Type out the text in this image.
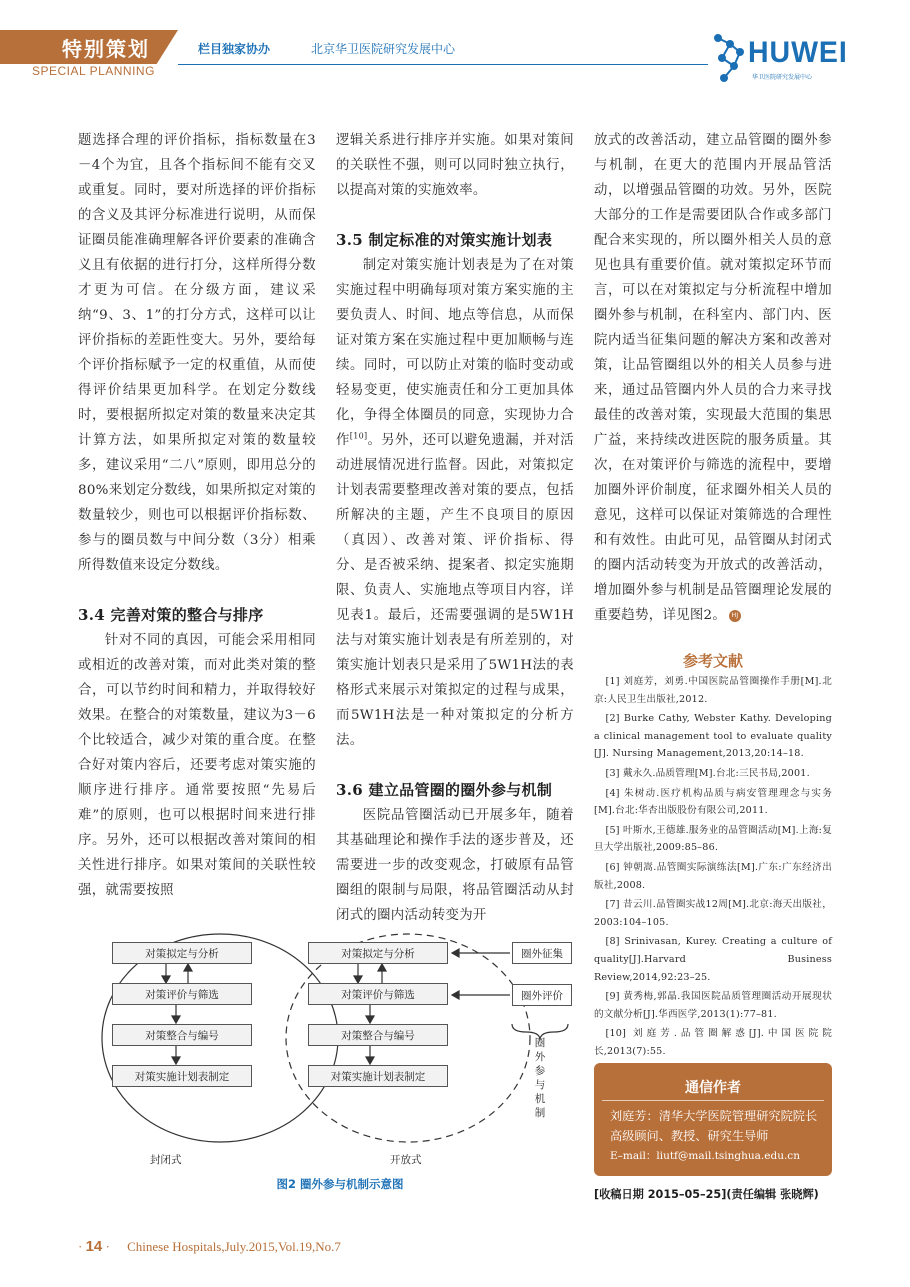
特别策划
SPECIAL PLANNING
栏目独家协办	北京华卫医院研究发展中心	HUWEI
华卫医院研究发展中心

题选择合理的评价指标，指标数量在3－4个为宜，且各个指标间不能有交叉或重复。同时，要对所选择的评价指标的含义及其评分标准进行说明，从而保证圈员能准确理解各评价要素的准确含义且有依据的进行打分，这样所得分数才更为可信。在分级方面，建议采纳“9、3、1”的打分方式，这样可以让评价指标的差距性变大。另外，要给每个评价指标赋予一定的权重值，从而使得评价结果更加科学。在划定分数线时，要根据所拟定对策的数量来决定其计算方法，如果所拟定对策的数量较多，建议采用“二八”原则，即用总分的80%来划定分数线，如果所拟定对策的数量较少，则也可以根据评价指标数、参与的圈员数与中间分数（3分）相乘所得数值来设定分数线。

3.4 完善对策的整合与排序

针对不同的真因，可能会采用相同或相近的改善对策，而对此类对策的整合，可以节约时间和精力，并取得较好效果。在整合的对策数量，建议为3－6个比较适合，减少对策的重合度。在整合好对策内容后，还要考虑对策实施的顺序进行排序。通常要按照“先易后难”的原则，也可以根据时间来进行排序。另外，还可以根据改善对策间的相关性进行排序。如果对策间的关联性较强，就需要按照

逻辑关系进行排序并实施。如果对策间的关联性不强，则可以同时独立执行，以提高对策的实施效率。

3.5 制定标准的对策实施计划表

制定对策实施计划表是为了在对策实施过程中明确每项对策方案实施的主要负责人、时间、地点等信息，从而保证对策方案在实施过程中更加顺畅与连续。同时，可以防止对策的临时变动或轻易变更，使实施责任和分工更加具体化，争得全体圈员的同意，实现协力合作[10]。另外，还可以避免遗漏，并对活动进展情况进行监督。因此，对策拟定计划表需要整理改善对策的要点，包括所解决的主题，产生不良项目的原因（真因）、改善对策、评价指标、得分、是否被采纳、提案者、拟定实施期限、负责人、实施地点等项目内容，详见表1。最后，还需要强调的是5W1H法与对策实施计划表是有所差别的，对策实施计划表只是采用了5W1H法的表格形式来展示对策拟定的过程与成果，而5W1H法是一种对策拟定的分析方法。

3.6 建立品管圈的圈外参与机制

医院品管圈活动已开展多年，随着其基础理论和操作手法的逐步普及，还需要进一步的改变观念，打破原有品管圈组的限制与局限，将品管圈活动从封闭式的圈内活动转变为开

放式的改善活动，建立品管圈的圈外参与机制，在更大的范围内开展品管活动，以增强品管圈的功效。另外，医院大部分的工作是需要团队合作或多部门配合来实现的，所以圈外相关人员的意见也具有重要价值。就对策拟定环节而言，可以在对策拟定与分析流程中增加圈外参与机制，在科室内、部门内、医院内适当征集问题的解决方案和改善对策，让品管圈组以外的相关人员参与进来，通过品管圈内外人员的合力来寻找最佳的改善对策，实现最大范围的集思广益，来持续改进医院的服务质量。其次，在对策评价与筛选的流程中，要增加圈外评价制度，征求圈外相关人员的意见，这样可以保证对策筛选的合理性和有效性。由此可见，品管圈从封闭式的圈内活动转变为开放式的改善活动，增加圈外参与机制是品管圈理论发展的重要趋势，详见图2。 HJ

参考文献
[1] 刘庭芳，刘勇.中国医院品管圈操作手册[M].北京:人民卫生出版社,2012.
[2] Burke Cathy, Webster Kathy. Developing a clinical management tool to evaluate quality [J]. Nursing Management,2013,20:14–18.
[3] 戴永久.品质管理[M].台北:三民书局,2001.
[4] 朱树动.医疗机构品质与病安管理理念与实务[M].台北:华杏出版股份有限公司,2011.
[5] 叶斯水,王德雄.服务业的品管圈活动[M].上海:复旦大学出版社,2009:85–86.
[6] 钟朝嵩.品管圈实际演练法[M].广东:广东经济出版社,2008.
[7] 昔云川.品管圈实战12周[M].北京:海天出版社，2003:104–105.
[8] Srinivasan, Kurey. Creating a culture of quality[J].Harvard Business Review,2014,92:23–25.
[9] 黄秀梅,郭晶.我国医院品质管理圈活动开展现状的文献分析[J].华西医学,2013(1):77–81.
[10] 刘庭芳.品管圈解惑[J].中国医院院长,2013(7):55.
通信作者
刘庭芳：清华大学医院管理研究院院长高级顾问、教授、研究生导师
E–mail：liutf@mail.tsinghua.edu.cn
[收稿日期 2015–05–25](责任编辑 张晓辉)
对策拟定与分析
对策评价与筛选
对策整合与编号
对策实施计划表制定
对策拟定与分析
对策评价与筛选
对策整合与编号
对策实施计划表制定
圈外征集
圈外评价
圈
外
参
与
机
制
封闭式	开放式
图2 圈外参与机制示意图
· 14 · Chinese Hospitals,July.2015,Vol.19,No.7
